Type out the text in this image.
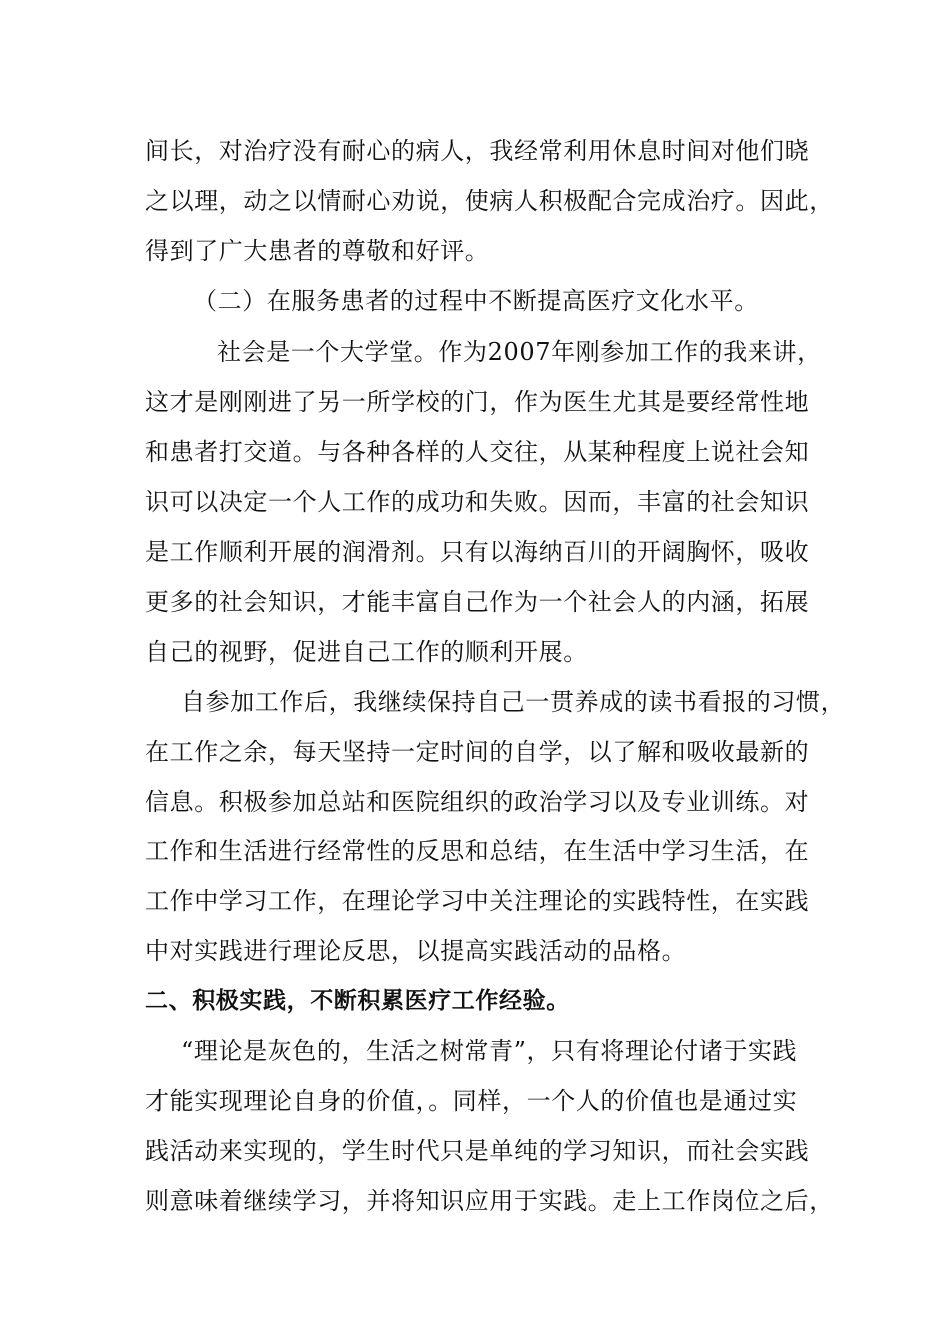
间长，对治疗没有耐心的病人，我经常利用休息时间对他们晓
之以理，动之以情耐心劝说，使病人积极配合完成治疗。因此，
得到了广大患者的尊敬和好评。
（二）在服务患者的过程中不断提高医疗文化水平。
社会是一个大学堂。作为2007年刚参加工作的我来讲，
这才是刚刚进了另一所学校的门，作为医生尤其是要经常性地
和患者打交道。与各种各样的人交往，从某种程度上说社会知
识可以决定一个人工作的成功和失败。因而，丰富的社会知识
是工作顺利开展的润滑剂。只有以海纳百川的开阔胸怀，吸收
更多的社会知识，才能丰富自己作为一个社会人的内涵，拓展
自己的视野，促进自己工作的顺利开展。
自参加工作后，我继续保持自己一贯养成的读书看报的习惯，
在工作之余，每天坚持一定时间的自学，以了解和吸收最新的
信息。积极参加总站和医院组织的政治学习以及专业训练。对
工作和生活进行经常性的反思和总结，在生活中学习生活，在
工作中学习工作，在理论学习中关注理论的实践特性，在实践
中对实践进行理论反思，以提高实践活动的品格。
二、积极实践，不断积累医疗工作经验。
“理论是灰色的，生活之树常青”，只有将理论付诸于实践
才能实现理论自身的价值，。同样，一个人的价值也是通过实
践活动来实现的，学生时代只是单纯的学习知识，而社会实践
则意味着继续学习，并将知识应用于实践。走上工作岗位之后，
